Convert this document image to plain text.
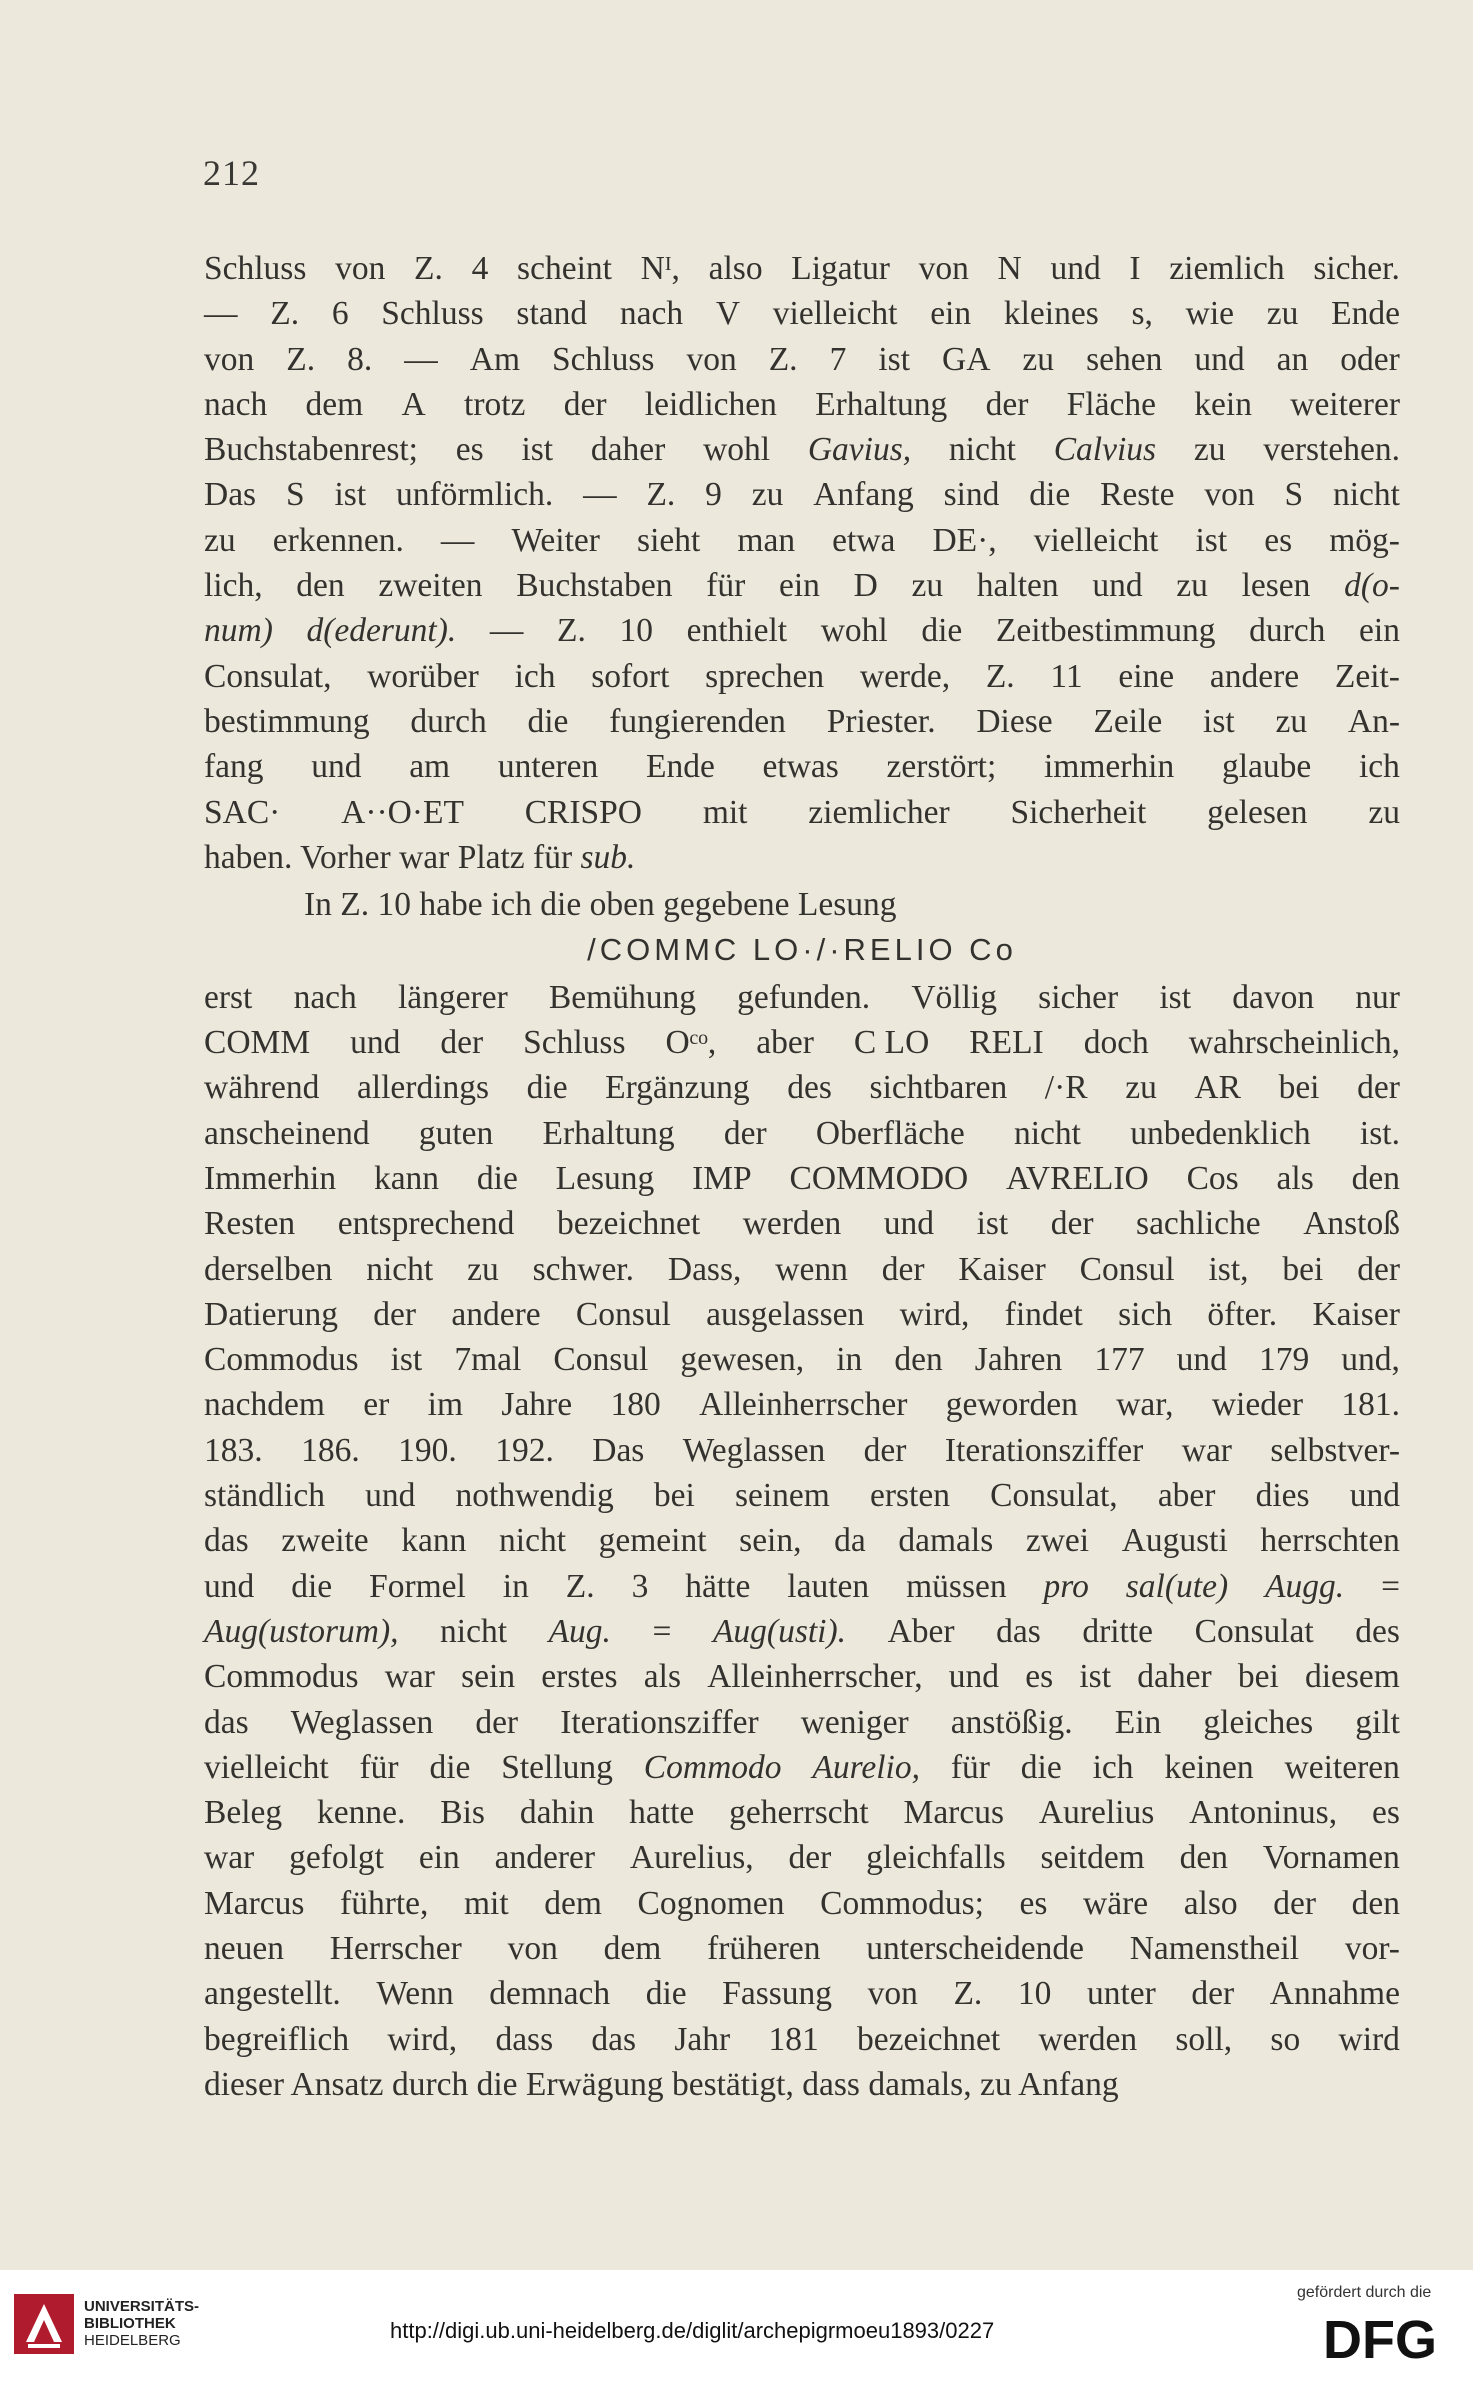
212
Schluss von Z. 4 scheint Nᴵ, also Ligatur von N und I ziemlich sicher.
— Z. 6 Schluss stand nach V vielleicht ein kleines s, wie zu Ende
von Z. 8. — Am Schluss von Z. 7 ist GA zu sehen und an oder
nach dem A trotz der leidlichen Erhaltung der Fläche kein weiterer
Buchstabenrest; es ist daher wohl Gavius, nicht Calvius zu verstehen.
Das S ist unförmlich. — Z. 9 zu Anfang sind die Reste von S nicht
zu erkennen. — Weiter sieht man etwa DE·, vielleicht ist es mög-
lich, den zweiten Buchstaben für ein D zu halten und zu lesen d(o-
num) d(ederunt). — Z. 10 enthielt wohl die Zeitbestimmung durch ein
Consulat, worüber ich sofort sprechen werde, Z. 11 eine andere Zeit-
bestimmung durch die fungierenden Priester. Diese Zeile ist zu An-
fang und am unteren Ende etwas zerstört; immerhin glaube ich
SAC· A··O·ET CRISPO mit ziemlicher Sicherheit gelesen zu
haben. Vorher war Platz für sub.
In Z. 10 habe ich die oben gegebene Lesung
/COMMC LO·/·RELIO Co
erst nach längerer Bemühung gefunden. Völlig sicher ist davon nur
COMM und der Schluss Oᶜᵒ, aber C LO RELI doch wahrscheinlich,
während allerdings die Ergänzung des sichtbaren /·R zu AR bei der
anscheinend guten Erhaltung der Oberfläche nicht unbedenklich ist.
Immerhin kann die Lesung IMP COMMODO AVRELIO Cos als den
Resten entsprechend bezeichnet werden und ist der sachliche Anstoß
derselben nicht zu schwer. Dass, wenn der Kaiser Consul ist, bei der
Datierung der andere Consul ausgelassen wird, findet sich öfter. Kaiser
Commodus ist 7mal Consul gewesen, in den Jahren 177 und 179 und,
nachdem er im Jahre 180 Alleinherrscher geworden war, wieder 181.
183. 186. 190. 192. Das Weglassen der Iterationsziffer war selbstver-
ständlich und nothwendig bei seinem ersten Consulat, aber dies und
das zweite kann nicht gemeint sein, da damals zwei Augusti herrschten
und die Formel in Z. 3 hätte lauten müssen pro sal(ute) Augg. =
Aug(ustorum), nicht Aug. = Aug(usti). Aber das dritte Consulat des
Commodus war sein erstes als Alleinherrscher, und es ist daher bei diesem
das Weglassen der Iterationsziffer weniger anstößig. Ein gleiches gilt
vielleicht für die Stellung Commodo Aurelio, für die ich keinen weiteren
Beleg kenne. Bis dahin hatte geherrscht Marcus Aurelius Antoninus, es
war gefolgt ein anderer Aurelius, der gleichfalls seitdem den Vornamen
Marcus führte, mit dem Cognomen Commodus; es wäre also der den
neuen Herrscher von dem früheren unterscheidende Namenstheil vor-
angestellt. Wenn demnach die Fassung von Z. 10 unter der Annahme
begreiflich wird, dass das Jahr 181 bezeichnet werden soll, so wird
dieser Ansatz durch die Erwägung bestätigt, dass damals, zu Anfang
UNIVERSITÄTS-
BIBLIOTHEK
HEIDELBERG	http://digi.ub.uni-heidelberg.de/diglit/archepigrmoeu1893/0227
gefördert durch die
DFG
